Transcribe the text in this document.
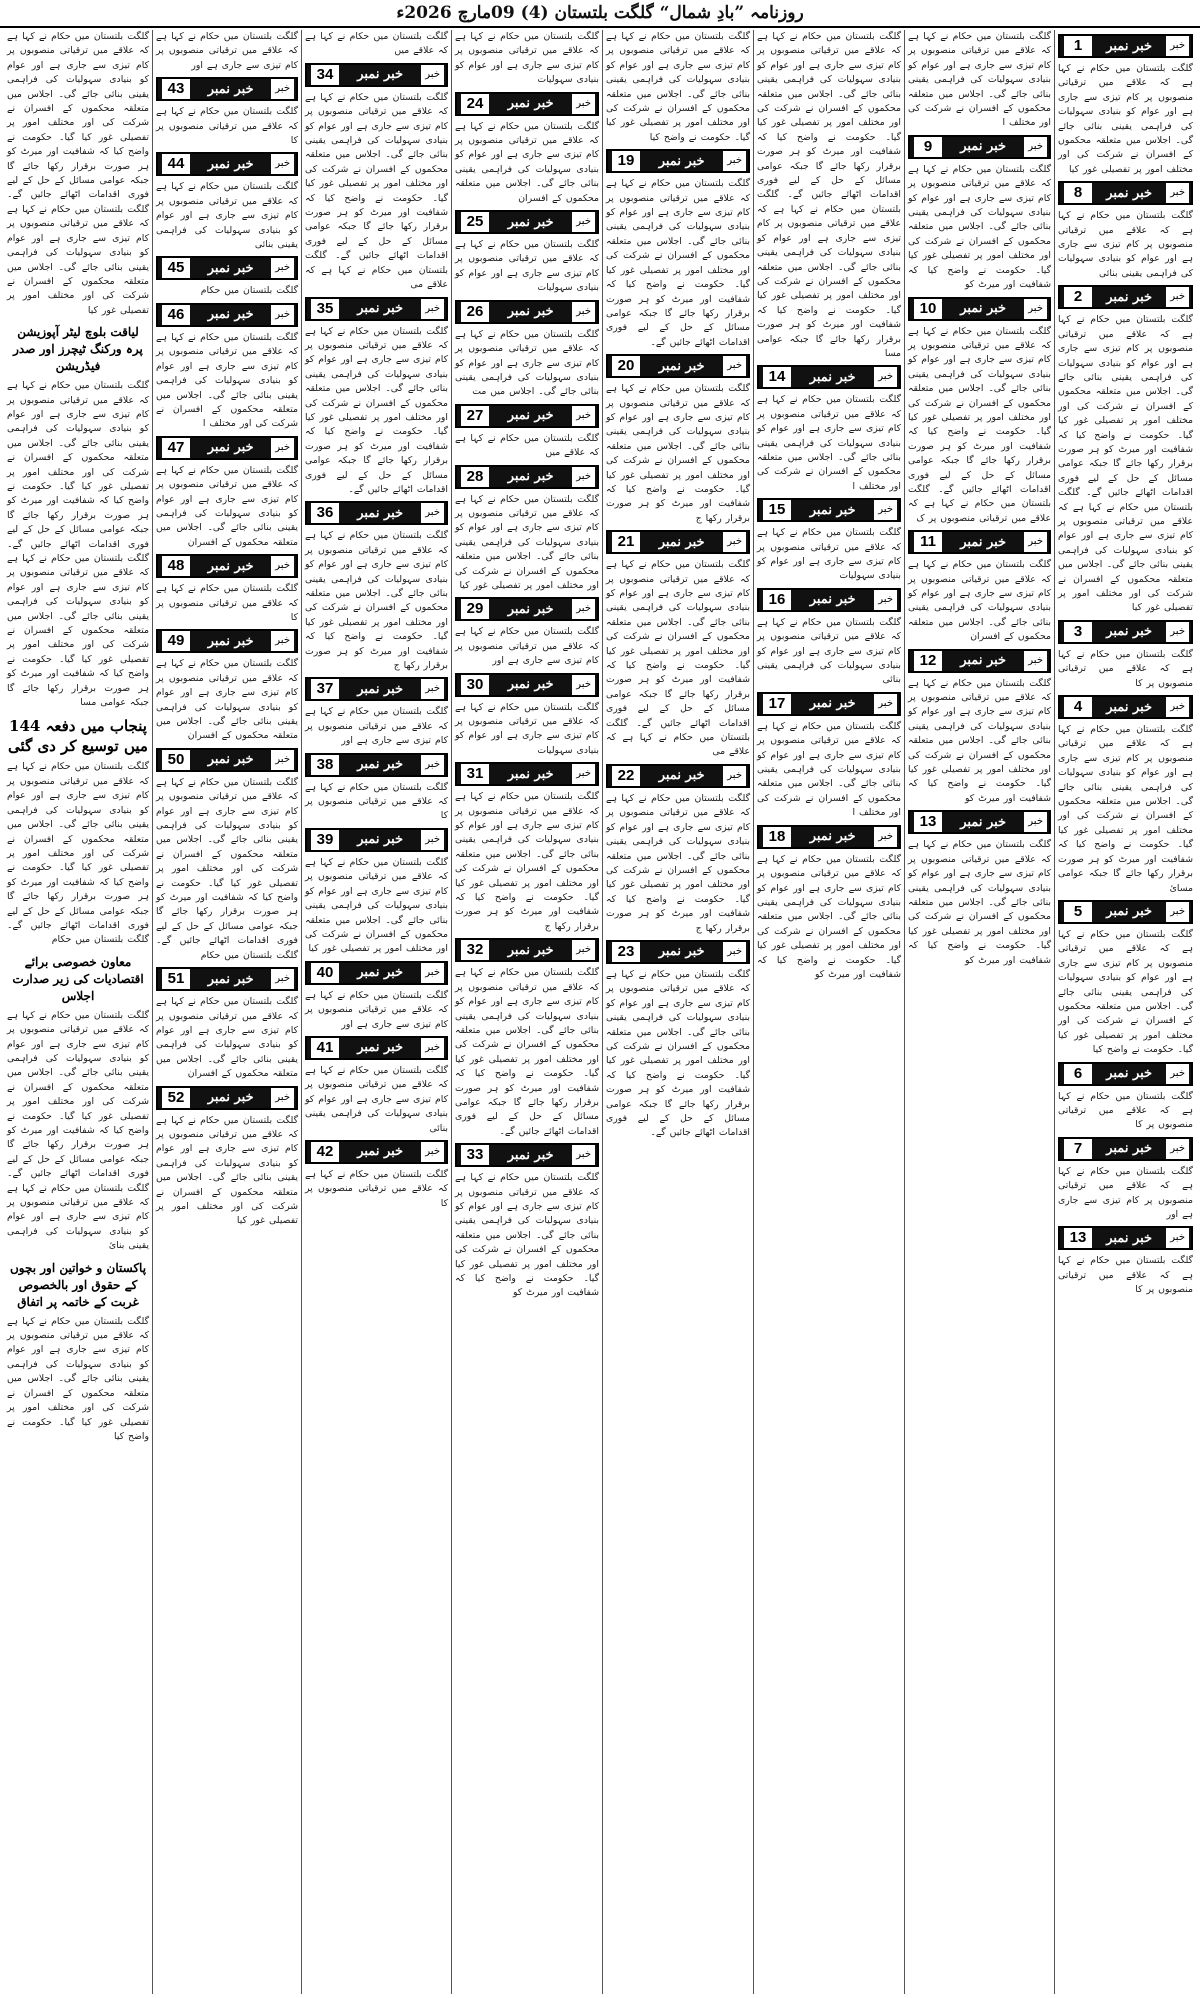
روزنامہ ”بادِ شمال“ گلگت بلتستان (4) 09مارچ 2026ء
خبر
خبر نمبر
1
گلگت بلتستان میں حکام نے کہا ہے کہ علاقے میں ترقیاتی منصوبوں پر کام تیزی سے جاری ہے اور عوام کو بنیادی سہولیات کی فراہمی یقینی بنائی جائے گی۔ اجلاس میں متعلقہ محکموں کے افسران نے شرکت کی اور مختلف امور پر تفصیلی غور کیا
خبر
خبر نمبر
8
گلگت بلتستان میں حکام نے کہا ہے کہ علاقے میں ترقیاتی منصوبوں پر کام تیزی سے جاری ہے اور عوام کو بنیادی سہولیات کی فراہمی یقینی بنائی
خبر
خبر نمبر
2
گلگت بلتستان میں حکام نے کہا ہے کہ علاقے میں ترقیاتی منصوبوں پر کام تیزی سے جاری ہے اور عوام کو بنیادی سہولیات کی فراہمی یقینی بنائی جائے گی۔ اجلاس میں متعلقہ محکموں کے افسران نے شرکت کی اور مختلف امور پر تفصیلی غور کیا گیا۔ حکومت نے واضح کیا کہ شفافیت اور میرٹ کو ہر صورت برقرار رکھا جائے گا جبکہ عوامی مسائل کے حل کے لیے فوری اقدامات اٹھائے جائیں گے۔ گلگت بلتستان میں حکام نے کہا ہے کہ علاقے میں ترقیاتی منصوبوں پر کام تیزی سے جاری ہے اور عوام کو بنیادی سہولیات کی فراہمی یقینی بنائی جائے گی۔ اجلاس میں متعلقہ محکموں کے افسران نے شرکت کی اور مختلف امور پر تفصیلی غور کیا
خبر
خبر نمبر
3
گلگت بلتستان میں حکام نے کہا ہے کہ علاقے میں ترقیاتی منصوبوں پر کا
خبر
خبر نمبر
4
گلگت بلتستان میں حکام نے کہا ہے کہ علاقے میں ترقیاتی منصوبوں پر کام تیزی سے جاری ہے اور عوام کو بنیادی سہولیات کی فراہمی یقینی بنائی جائے گی۔ اجلاس میں متعلقہ محکموں کے افسران نے شرکت کی اور مختلف امور پر تفصیلی غور کیا گیا۔ حکومت نے واضح کیا کہ شفافیت اور میرٹ کو ہر صورت برقرار رکھا جائے گا جبکہ عوامی مسائ
خبر
خبر نمبر
5
گلگت بلتستان میں حکام نے کہا ہے کہ علاقے میں ترقیاتی منصوبوں پر کام تیزی سے جاری ہے اور عوام کو بنیادی سہولیات کی فراہمی یقینی بنائی جائے گی۔ اجلاس میں متعلقہ محکموں کے افسران نے شرکت کی اور مختلف امور پر تفصیلی غور کیا گیا۔ حکومت نے واضح کیا
خبر
خبر نمبر
6
گلگت بلتستان میں حکام نے کہا ہے کہ علاقے میں ترقیاتی منصوبوں پر کا
خبر
خبر نمبر
7
گلگت بلتستان میں حکام نے کہا ہے کہ علاقے میں ترقیاتی منصوبوں پر کام تیزی سے جاری ہے اور
خبر
خبر نمبر
13
گلگت بلتستان میں حکام نے کہا ہے کہ علاقے میں ترقیاتی منصوبوں پر کا
گلگت بلتستان میں حکام نے کہا ہے کہ علاقے میں ترقیاتی منصوبوں پر کام تیزی سے جاری ہے اور عوام کو بنیادی سہولیات کی فراہمی یقینی بنائی جائے گی۔ اجلاس میں متعلقہ محکموں کے افسران نے شرکت کی اور مختلف ا
خبر
خبر نمبر
9
گلگت بلتستان میں حکام نے کہا ہے کہ علاقے میں ترقیاتی منصوبوں پر کام تیزی سے جاری ہے اور عوام کو بنیادی سہولیات کی فراہمی یقینی بنائی جائے گی۔ اجلاس میں متعلقہ محکموں کے افسران نے شرکت کی اور مختلف امور پر تفصیلی غور کیا گیا۔ حکومت نے واضح کیا کہ شفافیت اور میرٹ کو
خبر
خبر نمبر
10
گلگت بلتستان میں حکام نے کہا ہے کہ علاقے میں ترقیاتی منصوبوں پر کام تیزی سے جاری ہے اور عوام کو بنیادی سہولیات کی فراہمی یقینی بنائی جائے گی۔ اجلاس میں متعلقہ محکموں کے افسران نے شرکت کی اور مختلف امور پر تفصیلی غور کیا گیا۔ حکومت نے واضح کیا کہ شفافیت اور میرٹ کو ہر صورت برقرار رکھا جائے گا جبکہ عوامی مسائل کے حل کے لیے فوری اقدامات اٹھائے جائیں گے۔ گلگت بلتستان میں حکام نے کہا ہے کہ علاقے میں ترقیاتی منصوبوں پر ک
خبر
خبر نمبر
11
گلگت بلتستان میں حکام نے کہا ہے کہ علاقے میں ترقیاتی منصوبوں پر کام تیزی سے جاری ہے اور عوام کو بنیادی سہولیات کی فراہمی یقینی بنائی جائے گی۔ اجلاس میں متعلقہ محکموں کے افسران
خبر
خبر نمبر
12
گلگت بلتستان میں حکام نے کہا ہے کہ علاقے میں ترقیاتی منصوبوں پر کام تیزی سے جاری ہے اور عوام کو بنیادی سہولیات کی فراہمی یقینی بنائی جائے گی۔ اجلاس میں متعلقہ محکموں کے افسران نے شرکت کی اور مختلف امور پر تفصیلی غور کیا گیا۔ حکومت نے واضح کیا کہ شفافیت اور میرٹ کو
خبر
خبر نمبر
13
گلگت بلتستان میں حکام نے کہا ہے کہ علاقے میں ترقیاتی منصوبوں پر کام تیزی سے جاری ہے اور عوام کو بنیادی سہولیات کی فراہمی یقینی بنائی جائے گی۔ اجلاس میں متعلقہ محکموں کے افسران نے شرکت کی اور مختلف امور پر تفصیلی غور کیا گیا۔ حکومت نے واضح کیا کہ شفافیت اور میرٹ کو
گلگت بلتستان میں حکام نے کہا ہے کہ علاقے میں ترقیاتی منصوبوں پر کام تیزی سے جاری ہے اور عوام کو بنیادی سہولیات کی فراہمی یقینی بنائی جائے گی۔ اجلاس میں متعلقہ محکموں کے افسران نے شرکت کی اور مختلف امور پر تفصیلی غور کیا گیا۔ حکومت نے واضح کیا کہ شفافیت اور میرٹ کو ہر صورت برقرار رکھا جائے گا جبکہ عوامی مسائل کے حل کے لیے فوری اقدامات اٹھائے جائیں گے۔ گلگت بلتستان میں حکام نے کہا ہے کہ علاقے میں ترقیاتی منصوبوں پر کام تیزی سے جاری ہے اور عوام کو بنیادی سہولیات کی فراہمی یقینی بنائی جائے گی۔ اجلاس میں متعلقہ محکموں کے افسران نے شرکت کی اور مختلف امور پر تفصیلی غور کیا گیا۔ حکومت نے واضح کیا کہ شفافیت اور میرٹ کو ہر صورت برقرار رکھا جائے گا جبکہ عوامی مسا
خبر
خبر نمبر
14
گلگت بلتستان میں حکام نے کہا ہے کہ علاقے میں ترقیاتی منصوبوں پر کام تیزی سے جاری ہے اور عوام کو بنیادی سہولیات کی فراہمی یقینی بنائی جائے گی۔ اجلاس میں متعلقہ محکموں کے افسران نے شرکت کی اور مختلف ا
خبر
خبر نمبر
15
گلگت بلتستان میں حکام نے کہا ہے کہ علاقے میں ترقیاتی منصوبوں پر کام تیزی سے جاری ہے اور عوام کو بنیادی سہولیات
خبر
خبر نمبر
16
گلگت بلتستان میں حکام نے کہا ہے کہ علاقے میں ترقیاتی منصوبوں پر کام تیزی سے جاری ہے اور عوام کو بنیادی سہولیات کی فراہمی یقینی بنائی
خبر
خبر نمبر
17
گلگت بلتستان میں حکام نے کہا ہے کہ علاقے میں ترقیاتی منصوبوں پر کام تیزی سے جاری ہے اور عوام کو بنیادی سہولیات کی فراہمی یقینی بنائی جائے گی۔ اجلاس میں متعلقہ محکموں کے افسران نے شرکت کی اور مختلف ا
خبر
خبر نمبر
18
گلگت بلتستان میں حکام نے کہا ہے کہ علاقے میں ترقیاتی منصوبوں پر کام تیزی سے جاری ہے اور عوام کو بنیادی سہولیات کی فراہمی یقینی بنائی جائے گی۔ اجلاس میں متعلقہ محکموں کے افسران نے شرکت کی اور مختلف امور پر تفصیلی غور کیا گیا۔ حکومت نے واضح کیا کہ شفافیت اور میرٹ کو
گلگت بلتستان میں حکام نے کہا ہے کہ علاقے میں ترقیاتی منصوبوں پر کام تیزی سے جاری ہے اور عوام کو بنیادی سہولیات کی فراہمی یقینی بنائی جائے گی۔ اجلاس میں متعلقہ محکموں کے افسران نے شرکت کی اور مختلف امور پر تفصیلی غور کیا گیا۔ حکومت نے واضح کیا
خبر
خبر نمبر
19
گلگت بلتستان میں حکام نے کہا ہے کہ علاقے میں ترقیاتی منصوبوں پر کام تیزی سے جاری ہے اور عوام کو بنیادی سہولیات کی فراہمی یقینی بنائی جائے گی۔ اجلاس میں متعلقہ محکموں کے افسران نے شرکت کی اور مختلف امور پر تفصیلی غور کیا گیا۔ حکومت نے واضح کیا کہ شفافیت اور میرٹ کو ہر صورت برقرار رکھا جائے گا جبکہ عوامی مسائل کے حل کے لیے فوری اقدامات اٹھائے جائیں گے۔
خبر
خبر نمبر
20
گلگت بلتستان میں حکام نے کہا ہے کہ علاقے میں ترقیاتی منصوبوں پر کام تیزی سے جاری ہے اور عوام کو بنیادی سہولیات کی فراہمی یقینی بنائی جائے گی۔ اجلاس میں متعلقہ محکموں کے افسران نے شرکت کی اور مختلف امور پر تفصیلی غور کیا گیا۔ حکومت نے واضح کیا کہ شفافیت اور میرٹ کو ہر صورت برقرار رکھا ج
خبر
خبر نمبر
21
گلگت بلتستان میں حکام نے کہا ہے کہ علاقے میں ترقیاتی منصوبوں پر کام تیزی سے جاری ہے اور عوام کو بنیادی سہولیات کی فراہمی یقینی بنائی جائے گی۔ اجلاس میں متعلقہ محکموں کے افسران نے شرکت کی اور مختلف امور پر تفصیلی غور کیا گیا۔ حکومت نے واضح کیا کہ شفافیت اور میرٹ کو ہر صورت برقرار رکھا جائے گا جبکہ عوامی مسائل کے حل کے لیے فوری اقدامات اٹھائے جائیں گے۔ گلگت بلتستان میں حکام نے کہا ہے کہ علاقے می
خبر
خبر نمبر
22
گلگت بلتستان میں حکام نے کہا ہے کہ علاقے میں ترقیاتی منصوبوں پر کام تیزی سے جاری ہے اور عوام کو بنیادی سہولیات کی فراہمی یقینی بنائی جائے گی۔ اجلاس میں متعلقہ محکموں کے افسران نے شرکت کی اور مختلف امور پر تفصیلی غور کیا گیا۔ حکومت نے واضح کیا کہ شفافیت اور میرٹ کو ہر صورت برقرار رکھا ج
خبر
خبر نمبر
23
گلگت بلتستان میں حکام نے کہا ہے کہ علاقے میں ترقیاتی منصوبوں پر کام تیزی سے جاری ہے اور عوام کو بنیادی سہولیات کی فراہمی یقینی بنائی جائے گی۔ اجلاس میں متعلقہ محکموں کے افسران نے شرکت کی اور مختلف امور پر تفصیلی غور کیا گیا۔ حکومت نے واضح کیا کہ شفافیت اور میرٹ کو ہر صورت برقرار رکھا جائے گا جبکہ عوامی مسائل کے حل کے لیے فوری اقدامات اٹھائے جائیں گے۔
گلگت بلتستان میں حکام نے کہا ہے کہ علاقے میں ترقیاتی منصوبوں پر کام تیزی سے جاری ہے اور عوام کو بنیادی سہولیات
خبر
خبر نمبر
24
گلگت بلتستان میں حکام نے کہا ہے کہ علاقے میں ترقیاتی منصوبوں پر کام تیزی سے جاری ہے اور عوام کو بنیادی سہولیات کی فراہمی یقینی بنائی جائے گی۔ اجلاس میں متعلقہ محکموں کے افسران
خبر
خبر نمبر
25
گلگت بلتستان میں حکام نے کہا ہے کہ علاقے میں ترقیاتی منصوبوں پر کام تیزی سے جاری ہے اور عوام کو بنیادی سہولیات
خبر
خبر نمبر
26
گلگت بلتستان میں حکام نے کہا ہے کہ علاقے میں ترقیاتی منصوبوں پر کام تیزی سے جاری ہے اور عوام کو بنیادی سہولیات کی فراہمی یقینی بنائی جائے گی۔ اجلاس میں مت
خبر
خبر نمبر
27
گلگت بلتستان میں حکام نے کہا ہے کہ علاقے میں
خبر
خبر نمبر
28
گلگت بلتستان میں حکام نے کہا ہے کہ علاقے میں ترقیاتی منصوبوں پر کام تیزی سے جاری ہے اور عوام کو بنیادی سہولیات کی فراہمی یقینی بنائی جائے گی۔ اجلاس میں متعلقہ محکموں کے افسران نے شرکت کی اور مختلف امور پر تفصیلی غور کیا
خبر
خبر نمبر
29
گلگت بلتستان میں حکام نے کہا ہے کہ علاقے میں ترقیاتی منصوبوں پر کام تیزی سے جاری ہے اور
خبر
خبر نمبر
30
گلگت بلتستان میں حکام نے کہا ہے کہ علاقے میں ترقیاتی منصوبوں پر کام تیزی سے جاری ہے اور عوام کو بنیادی سہولیات
خبر
خبر نمبر
31
گلگت بلتستان میں حکام نے کہا ہے کہ علاقے میں ترقیاتی منصوبوں پر کام تیزی سے جاری ہے اور عوام کو بنیادی سہولیات کی فراہمی یقینی بنائی جائے گی۔ اجلاس میں متعلقہ محکموں کے افسران نے شرکت کی اور مختلف امور پر تفصیلی غور کیا گیا۔ حکومت نے واضح کیا کہ شفافیت اور میرٹ کو ہر صورت برقرار رکھا ج
خبر
خبر نمبر
32
گلگت بلتستان میں حکام نے کہا ہے کہ علاقے میں ترقیاتی منصوبوں پر کام تیزی سے جاری ہے اور عوام کو بنیادی سہولیات کی فراہمی یقینی بنائی جائے گی۔ اجلاس میں متعلقہ محکموں کے افسران نے شرکت کی اور مختلف امور پر تفصیلی غور کیا گیا۔ حکومت نے واضح کیا کہ شفافیت اور میرٹ کو ہر صورت برقرار رکھا جائے گا جبکہ عوامی مسائل کے حل کے لیے فوری اقدامات اٹھائے جائیں گے۔
خبر
خبر نمبر
33
گلگت بلتستان میں حکام نے کہا ہے کہ علاقے میں ترقیاتی منصوبوں پر کام تیزی سے جاری ہے اور عوام کو بنیادی سہولیات کی فراہمی یقینی بنائی جائے گی۔ اجلاس میں متعلقہ محکموں کے افسران نے شرکت کی اور مختلف امور پر تفصیلی غور کیا گیا۔ حکومت نے واضح کیا کہ شفافیت اور میرٹ کو
گلگت بلتستان میں حکام نے کہا ہے کہ علاقے میں
خبر
خبر نمبر
34
گلگت بلتستان میں حکام نے کہا ہے کہ علاقے میں ترقیاتی منصوبوں پر کام تیزی سے جاری ہے اور عوام کو بنیادی سہولیات کی فراہمی یقینی بنائی جائے گی۔ اجلاس میں متعلقہ محکموں کے افسران نے شرکت کی اور مختلف امور پر تفصیلی غور کیا گیا۔ حکومت نے واضح کیا کہ شفافیت اور میرٹ کو ہر صورت برقرار رکھا جائے گا جبکہ عوامی مسائل کے حل کے لیے فوری اقدامات اٹھائے جائیں گے۔ گلگت بلتستان میں حکام نے کہا ہے کہ علاقے می
خبر
خبر نمبر
35
گلگت بلتستان میں حکام نے کہا ہے کہ علاقے میں ترقیاتی منصوبوں پر کام تیزی سے جاری ہے اور عوام کو بنیادی سہولیات کی فراہمی یقینی بنائی جائے گی۔ اجلاس میں متعلقہ محکموں کے افسران نے شرکت کی اور مختلف امور پر تفصیلی غور کیا گیا۔ حکومت نے واضح کیا کہ شفافیت اور میرٹ کو ہر صورت برقرار رکھا جائے گا جبکہ عوامی مسائل کے حل کے لیے فوری اقدامات اٹھائے جائیں گے۔
خبر
خبر نمبر
36
گلگت بلتستان میں حکام نے کہا ہے کہ علاقے میں ترقیاتی منصوبوں پر کام تیزی سے جاری ہے اور عوام کو بنیادی سہولیات کی فراہمی یقینی بنائی جائے گی۔ اجلاس میں متعلقہ محکموں کے افسران نے شرکت کی اور مختلف امور پر تفصیلی غور کیا گیا۔ حکومت نے واضح کیا کہ شفافیت اور میرٹ کو ہر صورت برقرار رکھا ج
خبر
خبر نمبر
37
گلگت بلتستان میں حکام نے کہا ہے کہ علاقے میں ترقیاتی منصوبوں پر کام تیزی سے جاری ہے اور
خبر
خبر نمبر
38
گلگت بلتستان میں حکام نے کہا ہے کہ علاقے میں ترقیاتی منصوبوں پر کا
خبر
خبر نمبر
39
گلگت بلتستان میں حکام نے کہا ہے کہ علاقے میں ترقیاتی منصوبوں پر کام تیزی سے جاری ہے اور عوام کو بنیادی سہولیات کی فراہمی یقینی بنائی جائے گی۔ اجلاس میں متعلقہ محکموں کے افسران نے شرکت کی اور مختلف امور پر تفصیلی غور کیا
خبر
خبر نمبر
40
گلگت بلتستان میں حکام نے کہا ہے کہ علاقے میں ترقیاتی منصوبوں پر کام تیزی سے جاری ہے اور
خبر
خبر نمبر
41
گلگت بلتستان میں حکام نے کہا ہے کہ علاقے میں ترقیاتی منصوبوں پر کام تیزی سے جاری ہے اور عوام کو بنیادی سہولیات کی فراہمی یقینی بنائی
خبر
خبر نمبر
42
گلگت بلتستان میں حکام نے کہا ہے کہ علاقے میں ترقیاتی منصوبوں پر کا
گلگت بلتستان میں حکام نے کہا ہے کہ علاقے میں ترقیاتی منصوبوں پر کام تیزی سے جاری ہے اور
خبر
خبر نمبر
43
گلگت بلتستان میں حکام نے کہا ہے کہ علاقے میں ترقیاتی منصوبوں پر کا
خبر
خبر نمبر
44
گلگت بلتستان میں حکام نے کہا ہے کہ علاقے میں ترقیاتی منصوبوں پر کام تیزی سے جاری ہے اور عوام کو بنیادی سہولیات کی فراہمی یقینی بنائی
خبر
خبر نمبر
45
گلگت بلتستان میں حکام
خبر
خبر نمبر
46
گلگت بلتستان میں حکام نے کہا ہے کہ علاقے میں ترقیاتی منصوبوں پر کام تیزی سے جاری ہے اور عوام کو بنیادی سہولیات کی فراہمی یقینی بنائی جائے گی۔ اجلاس میں متعلقہ محکموں کے افسران نے شرکت کی اور مختلف ا
خبر
خبر نمبر
47
گلگت بلتستان میں حکام نے کہا ہے کہ علاقے میں ترقیاتی منصوبوں پر کام تیزی سے جاری ہے اور عوام کو بنیادی سہولیات کی فراہمی یقینی بنائی جائے گی۔ اجلاس میں متعلقہ محکموں کے افسران
خبر
خبر نمبر
48
گلگت بلتستان میں حکام نے کہا ہے کہ علاقے میں ترقیاتی منصوبوں پر کا
خبر
خبر نمبر
49
گلگت بلتستان میں حکام نے کہا ہے کہ علاقے میں ترقیاتی منصوبوں پر کام تیزی سے جاری ہے اور عوام کو بنیادی سہولیات کی فراہمی یقینی بنائی جائے گی۔ اجلاس میں متعلقہ محکموں کے افسران
خبر
خبر نمبر
50
گلگت بلتستان میں حکام نے کہا ہے کہ علاقے میں ترقیاتی منصوبوں پر کام تیزی سے جاری ہے اور عوام کو بنیادی سہولیات کی فراہمی یقینی بنائی جائے گی۔ اجلاس میں متعلقہ محکموں کے افسران نے شرکت کی اور مختلف امور پر تفصیلی غور کیا گیا۔ حکومت نے واضح کیا کہ شفافیت اور میرٹ کو ہر صورت برقرار رکھا جائے گا جبکہ عوامی مسائل کے حل کے لیے فوری اقدامات اٹھائے جائیں گے۔ گلگت بلتستان میں حکام
خبر
خبر نمبر
51
گلگت بلتستان میں حکام نے کہا ہے کہ علاقے میں ترقیاتی منصوبوں پر کام تیزی سے جاری ہے اور عوام کو بنیادی سہولیات کی فراہمی یقینی بنائی جائے گی۔ اجلاس میں متعلقہ محکموں کے افسران
خبر
خبر نمبر
52
گلگت بلتستان میں حکام نے کہا ہے کہ علاقے میں ترقیاتی منصوبوں پر کام تیزی سے جاری ہے اور عوام کو بنیادی سہولیات کی فراہمی یقینی بنائی جائے گی۔ اجلاس میں متعلقہ محکموں کے افسران نے شرکت کی اور مختلف امور پر تفصیلی غور کیا
گلگت بلتستان میں حکام نے کہا ہے کہ علاقے میں ترقیاتی منصوبوں پر کام تیزی سے جاری ہے اور عوام کو بنیادی سہولیات کی فراہمی یقینی بنائی جائے گی۔ اجلاس میں متعلقہ محکموں کے افسران نے شرکت کی اور مختلف امور پر تفصیلی غور کیا گیا۔ حکومت نے واضح کیا کہ شفافیت اور میرٹ کو ہر صورت برقرار رکھا جائے گا جبکہ عوامی مسائل کے حل کے لیے فوری اقدامات اٹھائے جائیں گے۔ گلگت بلتستان میں حکام نے کہا ہے کہ علاقے میں ترقیاتی منصوبوں پر کام تیزی سے جاری ہے اور عوام کو بنیادی سہولیات کی فراہمی یقینی بنائی جائے گی۔ اجلاس میں متعلقہ محکموں کے افسران نے شرکت کی اور مختلف امور پر تفصیلی غور کیا
لیاقت بلوچ لیٹر آپوزیشن پرہ ورکنگ ٹیچرز اور صدر فیڈریشن
گلگت بلتستان میں حکام نے کہا ہے کہ علاقے میں ترقیاتی منصوبوں پر کام تیزی سے جاری ہے اور عوام کو بنیادی سہولیات کی فراہمی یقینی بنائی جائے گی۔ اجلاس میں متعلقہ محکموں کے افسران نے شرکت کی اور مختلف امور پر تفصیلی غور کیا گیا۔ حکومت نے واضح کیا کہ شفافیت اور میرٹ کو ہر صورت برقرار رکھا جائے گا جبکہ عوامی مسائل کے حل کے لیے فوری اقدامات اٹھائے جائیں گے۔ گلگت بلتستان میں حکام نے کہا ہے کہ علاقے میں ترقیاتی منصوبوں پر کام تیزی سے جاری ہے اور عوام کو بنیادی سہولیات کی فراہمی یقینی بنائی جائے گی۔ اجلاس میں متعلقہ محکموں کے افسران نے شرکت کی اور مختلف امور پر تفصیلی غور کیا گیا۔ حکومت نے واضح کیا کہ شفافیت اور میرٹ کو ہر صورت برقرار رکھا جائے گا جبکہ عوامی مسا
پنجاب میں دفعہ 144 میں توسیع کر دی گئی
گلگت بلتستان میں حکام نے کہا ہے کہ علاقے میں ترقیاتی منصوبوں پر کام تیزی سے جاری ہے اور عوام کو بنیادی سہولیات کی فراہمی یقینی بنائی جائے گی۔ اجلاس میں متعلقہ محکموں کے افسران نے شرکت کی اور مختلف امور پر تفصیلی غور کیا گیا۔ حکومت نے واضح کیا کہ شفافیت اور میرٹ کو ہر صورت برقرار رکھا جائے گا جبکہ عوامی مسائل کے حل کے لیے فوری اقدامات اٹھائے جائیں گے۔ گلگت بلتستان میں حکام
معاون خصوصی برائے اقتصادیات کی زیر صدارت اجلاس
گلگت بلتستان میں حکام نے کہا ہے کہ علاقے میں ترقیاتی منصوبوں پر کام تیزی سے جاری ہے اور عوام کو بنیادی سہولیات کی فراہمی یقینی بنائی جائے گی۔ اجلاس میں متعلقہ محکموں کے افسران نے شرکت کی اور مختلف امور پر تفصیلی غور کیا گیا۔ حکومت نے واضح کیا کہ شفافیت اور میرٹ کو ہر صورت برقرار رکھا جائے گا جبکہ عوامی مسائل کے حل کے لیے فوری اقدامات اٹھائے جائیں گے۔ گلگت بلتستان میں حکام نے کہا ہے کہ علاقے میں ترقیاتی منصوبوں پر کام تیزی سے جاری ہے اور عوام کو بنیادی سہولیات کی فراہمی یقینی بنائ
پاکستان و خواتین اور بچوں کے حقوق اور بالخصوص غربت کے خاتمہ پر اتفاق
گلگت بلتستان میں حکام نے کہا ہے کہ علاقے میں ترقیاتی منصوبوں پر کام تیزی سے جاری ہے اور عوام کو بنیادی سہولیات کی فراہمی یقینی بنائی جائے گی۔ اجلاس میں متعلقہ محکموں کے افسران نے شرکت کی اور مختلف امور پر تفصیلی غور کیا گیا۔ حکومت نے واضح کیا
